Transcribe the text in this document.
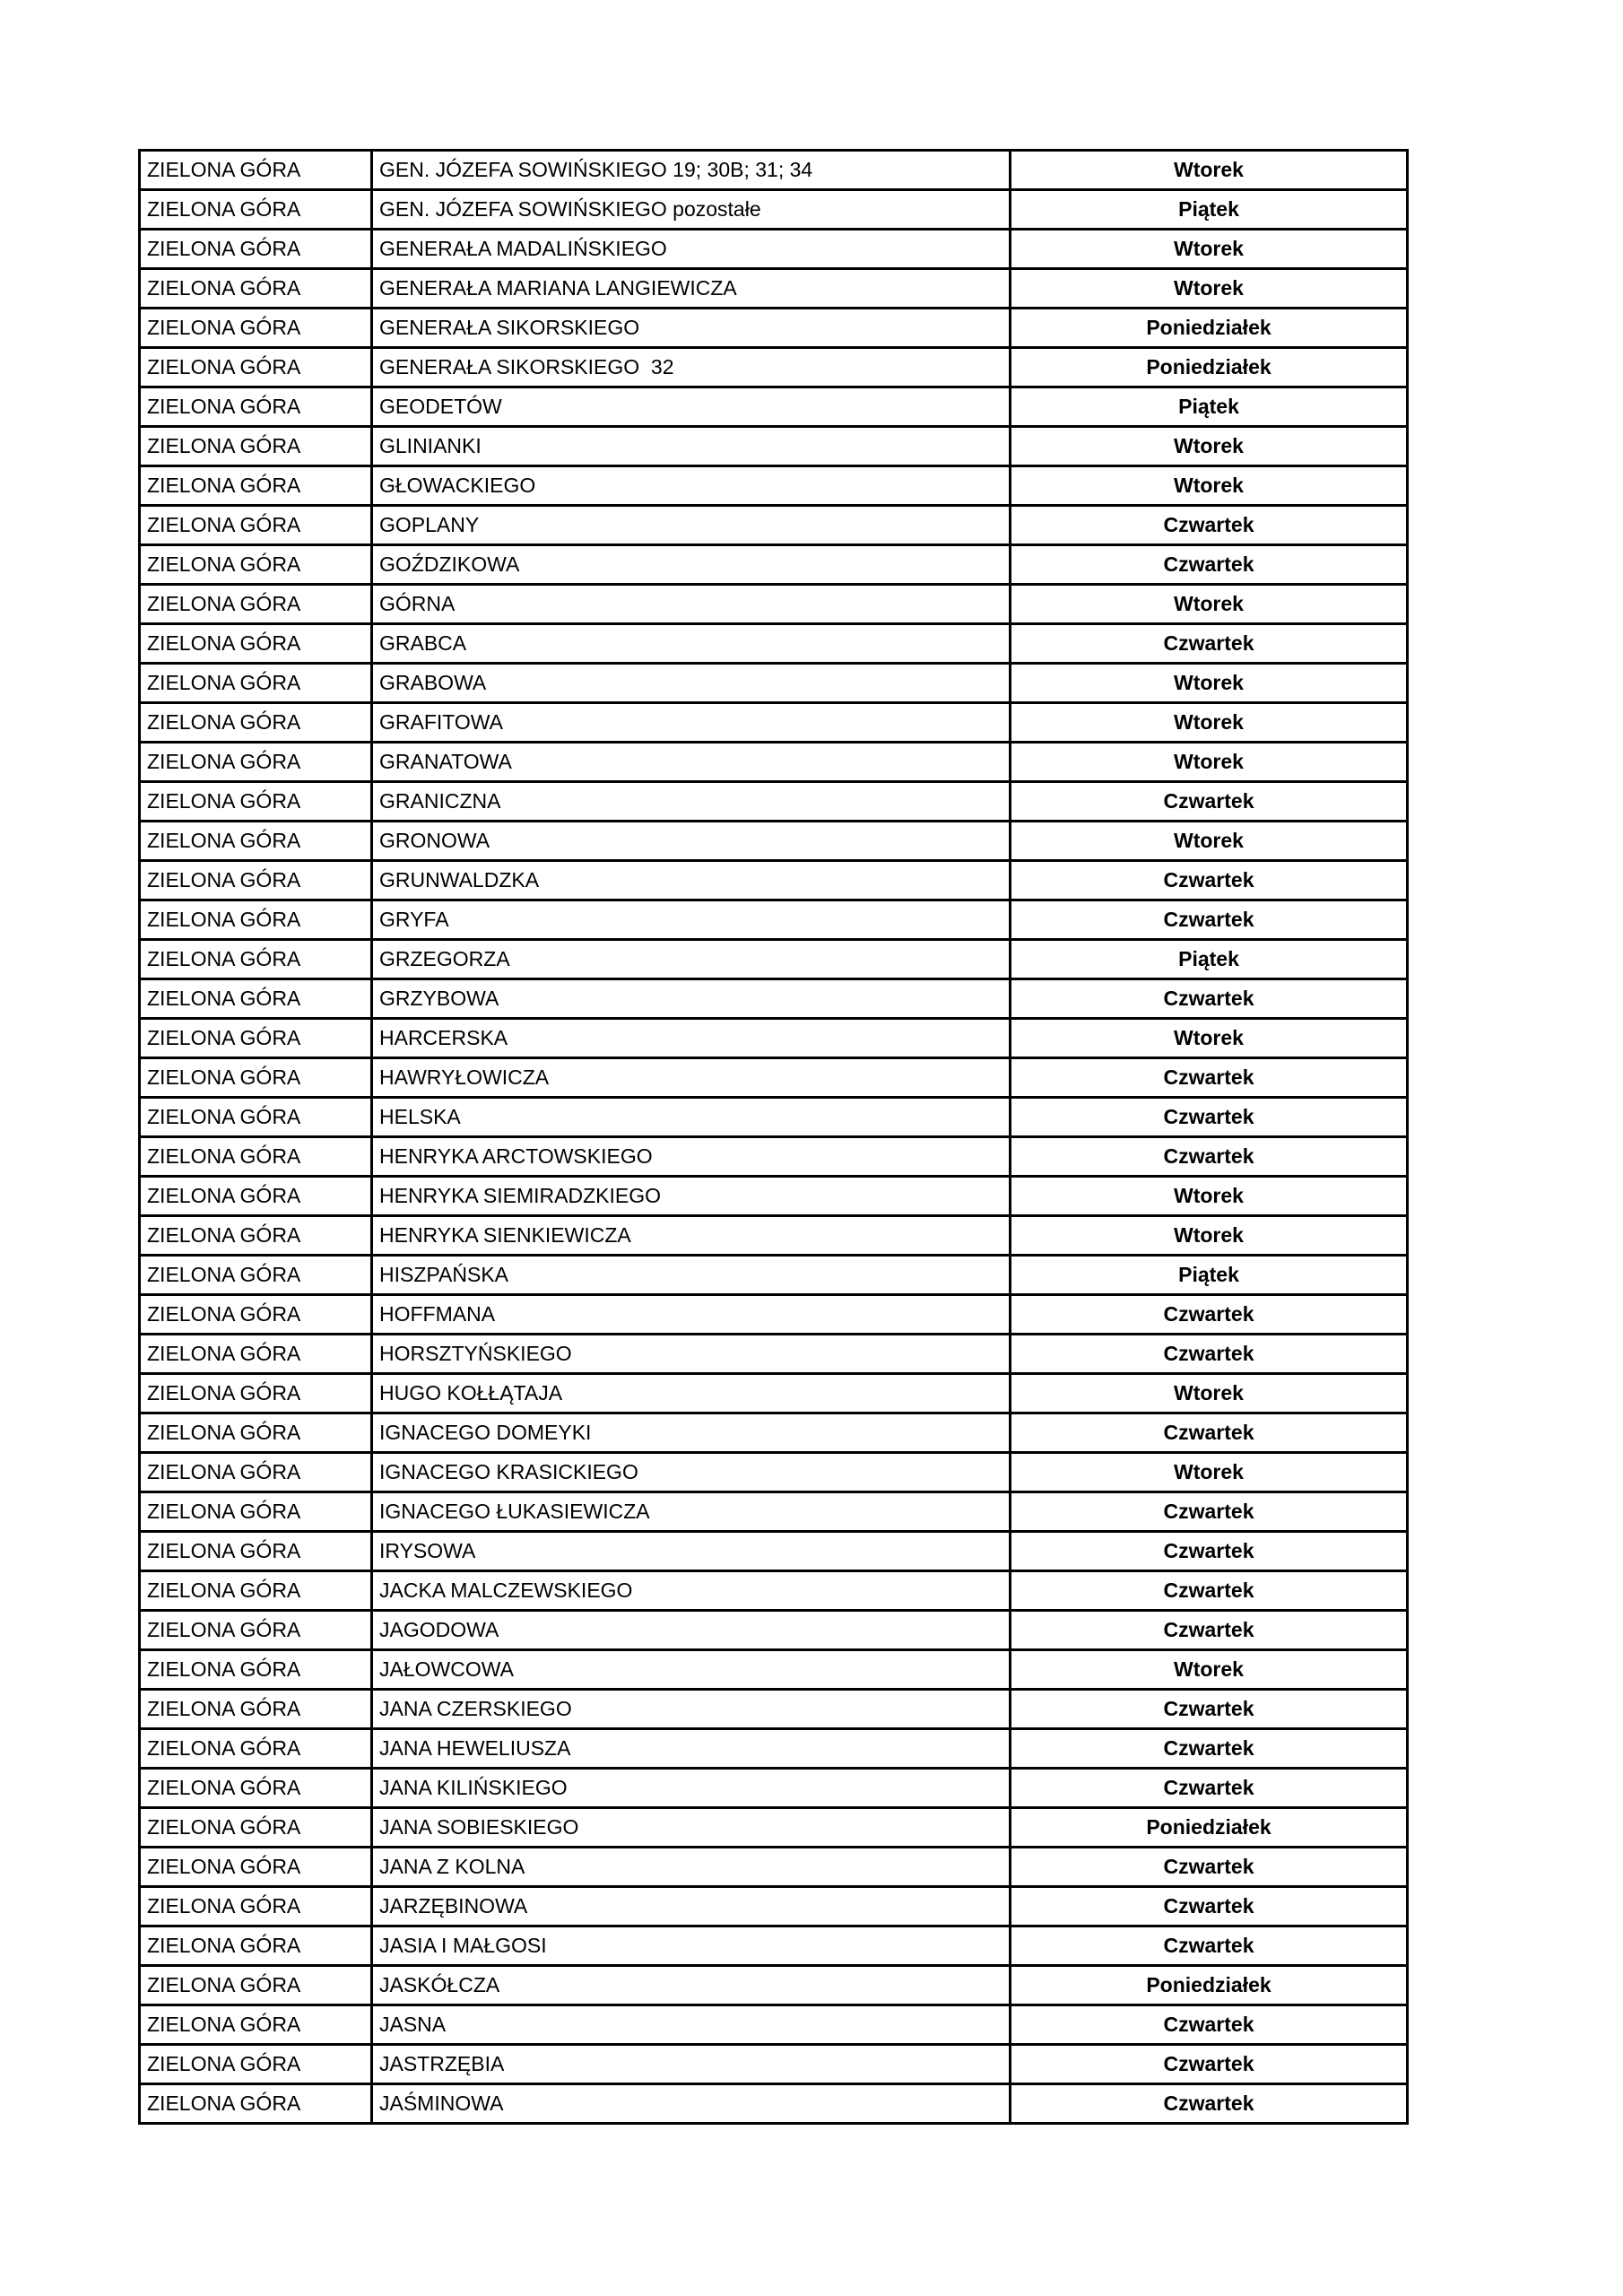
ZIELONA GÓRA	GEN. JÓZEFA SOWIŃSKIEGO 19; 30B; 31; 34	Wtorek
ZIELONA GÓRA	GEN. JÓZEFA SOWIŃSKIEGO pozostałe	Piątek
ZIELONA GÓRA	GENERAŁA MADALIŃSKIEGO	Wtorek
ZIELONA GÓRA	GENERAŁA MARIANA LANGIEWICZA	Wtorek
ZIELONA GÓRA	GENERAŁA SIKORSKIEGO	Poniedziałek
ZIELONA GÓRA	GENERAŁA SIKORSKIEGO  32	Poniedziałek
ZIELONA GÓRA	GEODETÓW	Piątek
ZIELONA GÓRA	GLINIANKI	Wtorek
ZIELONA GÓRA	GŁOWACKIEGO	Wtorek
ZIELONA GÓRA	GOPLANY	Czwartek
ZIELONA GÓRA	GOŹDZIKOWA	Czwartek
ZIELONA GÓRA	GÓRNA	Wtorek
ZIELONA GÓRA	GRABCA	Czwartek
ZIELONA GÓRA	GRABOWA	Wtorek
ZIELONA GÓRA	GRAFITOWA	Wtorek
ZIELONA GÓRA	GRANATOWA	Wtorek
ZIELONA GÓRA	GRANICZNA	Czwartek
ZIELONA GÓRA	GRONOWA	Wtorek
ZIELONA GÓRA	GRUNWALDZKA	Czwartek
ZIELONA GÓRA	GRYFA	Czwartek
ZIELONA GÓRA	GRZEGORZA	Piątek
ZIELONA GÓRA	GRZYBOWA	Czwartek
ZIELONA GÓRA	HARCERSKA	Wtorek
ZIELONA GÓRA	HAWRYŁOWICZA	Czwartek
ZIELONA GÓRA	HELSKA	Czwartek
ZIELONA GÓRA	HENRYKA ARCTOWSKIEGO	Czwartek
ZIELONA GÓRA	HENRYKA SIEMIRADZKIEGO	Wtorek
ZIELONA GÓRA	HENRYKA SIENKIEWICZA	Wtorek
ZIELONA GÓRA	HISZPAŃSKA	Piątek
ZIELONA GÓRA	HOFFMANA	Czwartek
ZIELONA GÓRA	HORSZTYŃSKIEGO	Czwartek
ZIELONA GÓRA	HUGO KOŁŁĄTAJA	Wtorek
ZIELONA GÓRA	IGNACEGO DOMEYKI	Czwartek
ZIELONA GÓRA	IGNACEGO KRASICKIEGO	Wtorek
ZIELONA GÓRA	IGNACEGO ŁUKASIEWICZA	Czwartek
ZIELONA GÓRA	IRYSOWA	Czwartek
ZIELONA GÓRA	JACKA MALCZEWSKIEGO	Czwartek
ZIELONA GÓRA	JAGODOWA	Czwartek
ZIELONA GÓRA	JAŁOWCOWA	Wtorek
ZIELONA GÓRA	JANA CZERSKIEGO	Czwartek
ZIELONA GÓRA	JANA HEWELIUSZA	Czwartek
ZIELONA GÓRA	JANA KILIŃSKIEGO	Czwartek
ZIELONA GÓRA	JANA SOBIESKIEGO	Poniedziałek
ZIELONA GÓRA	JANA Z KOLNA	Czwartek
ZIELONA GÓRA	JARZĘBINOWA	Czwartek
ZIELONA GÓRA	JASIA I MAŁGOSI	Czwartek
ZIELONA GÓRA	JASKÓŁCZA	Poniedziałek
ZIELONA GÓRA	JASNA	Czwartek
ZIELONA GÓRA	JASTRZĘBIA	Czwartek
ZIELONA GÓRA	JAŚMINOWA	Czwartek
